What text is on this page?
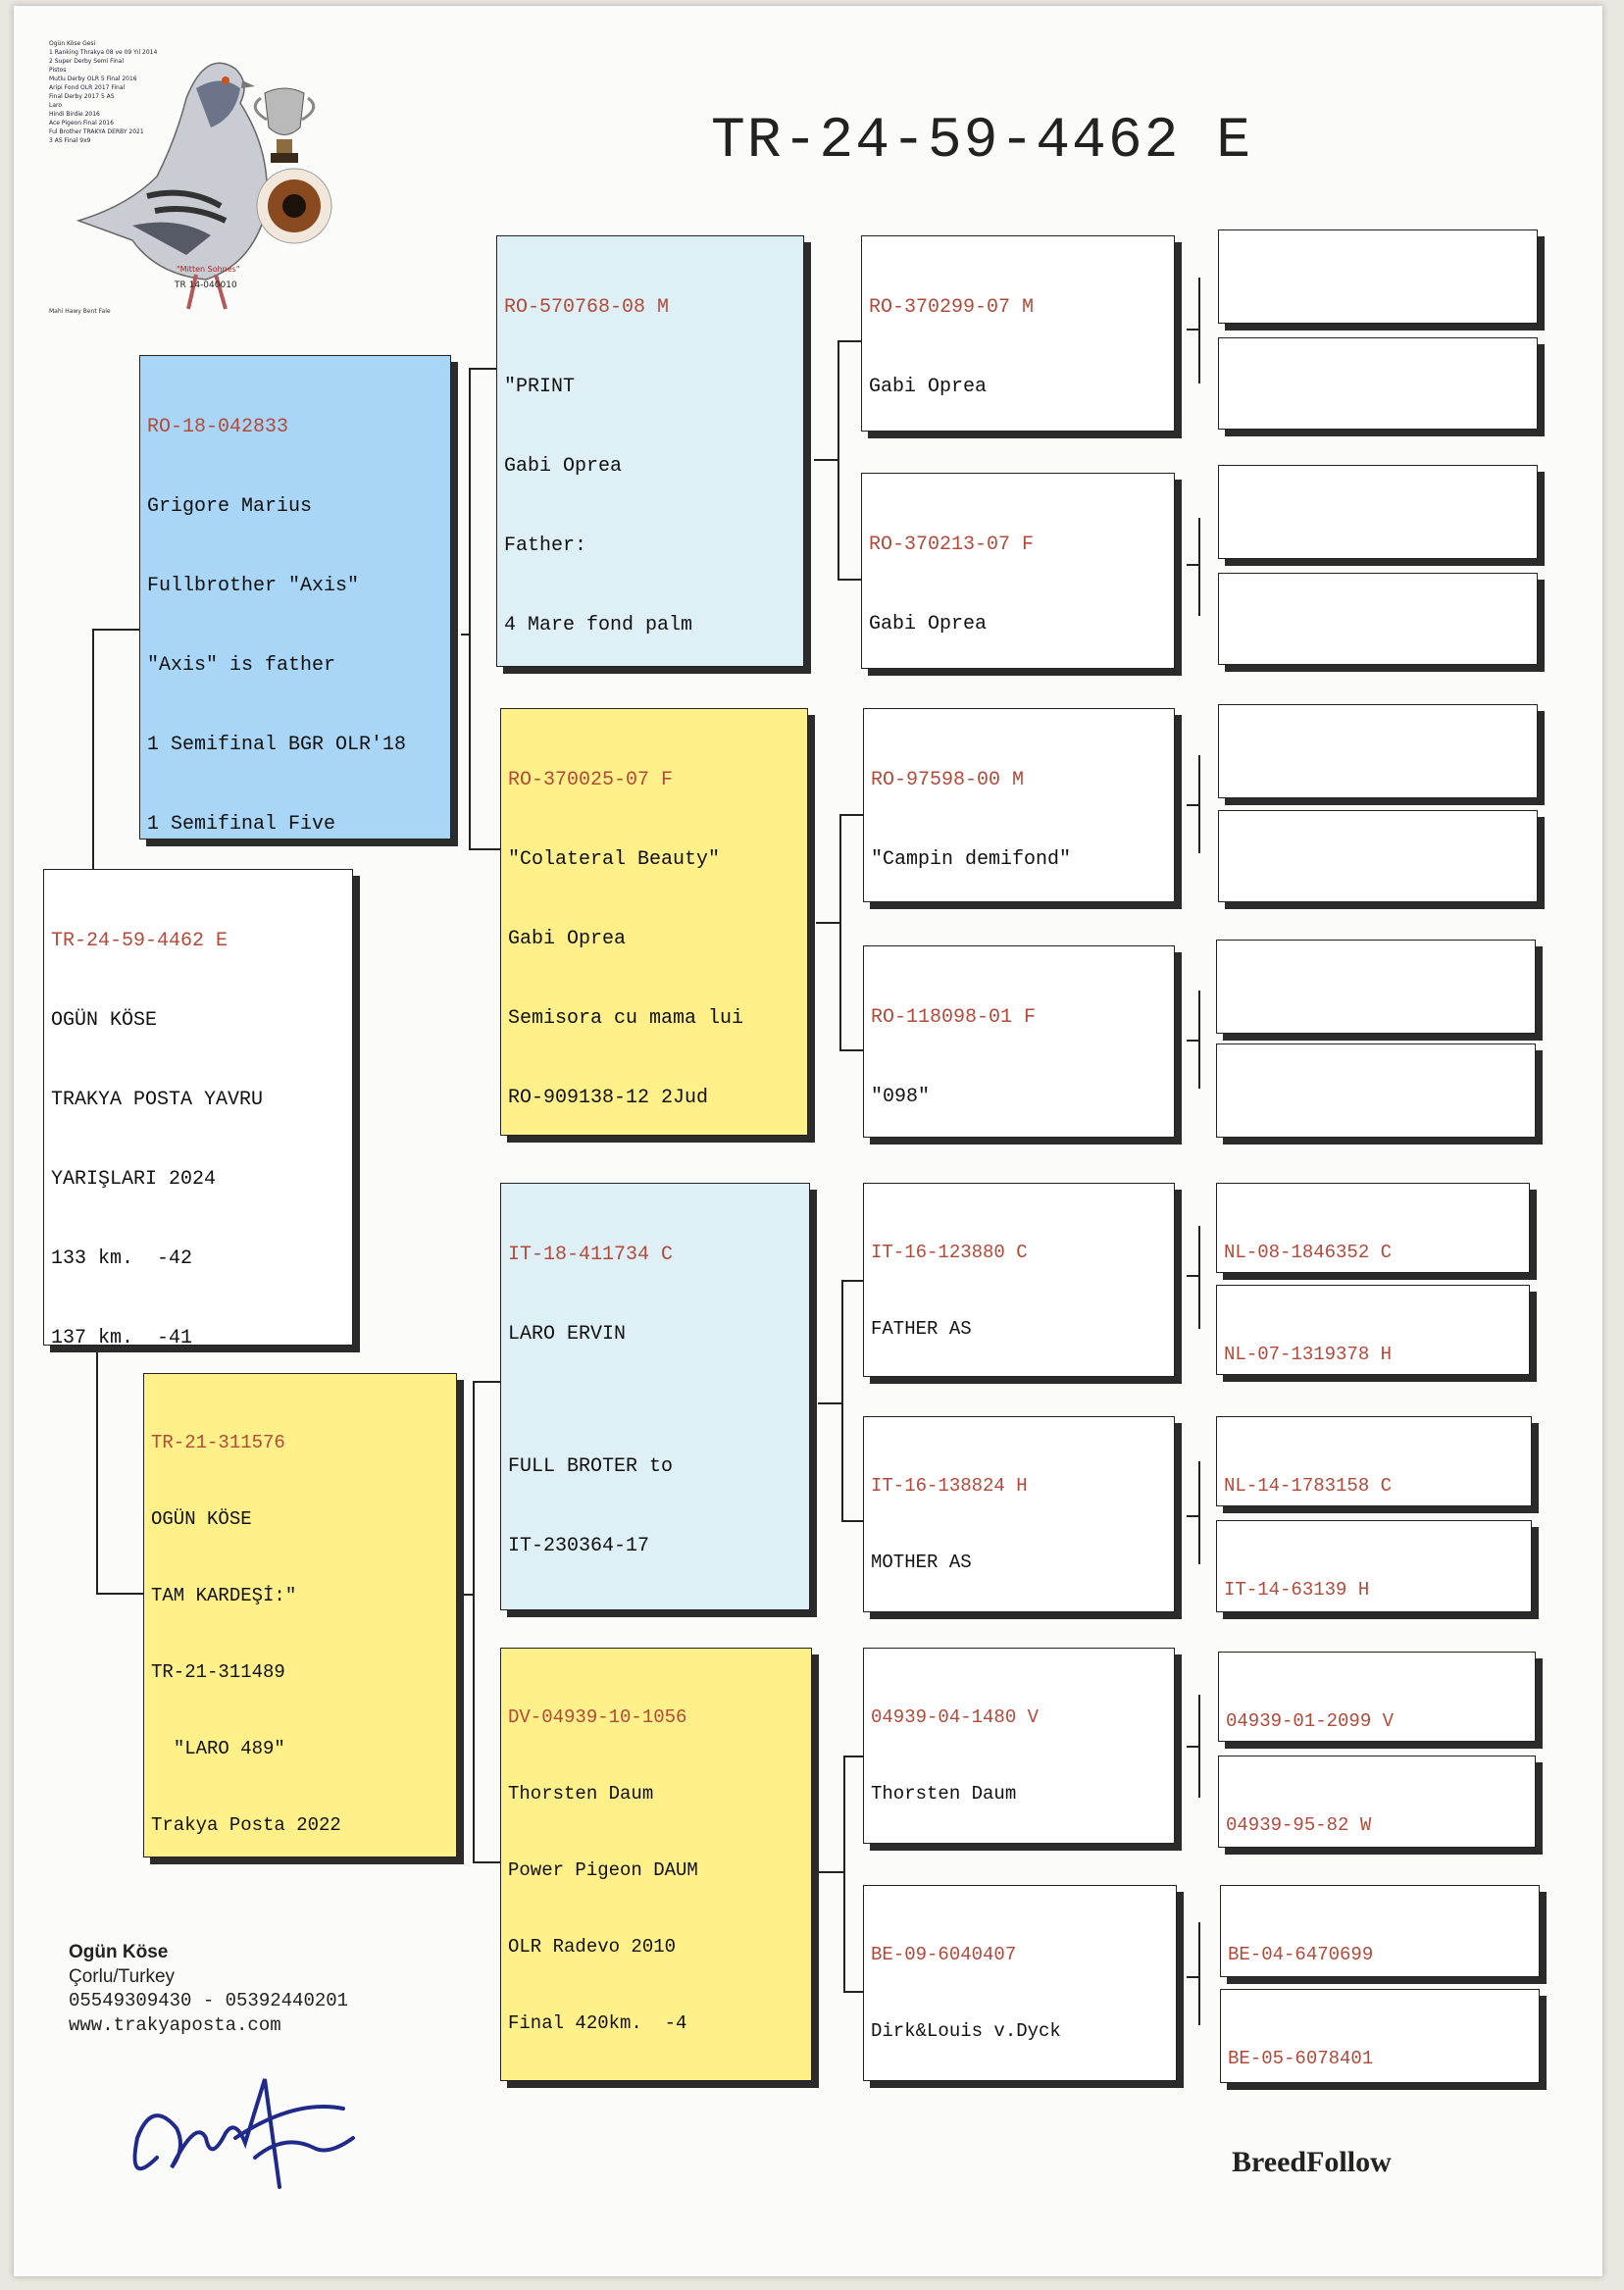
Ogün Köse Gesi
1 Ranking Thrakya 08 ve 09 Yıl 2014
2 Super Derby Semi Final
Pistos
Mutlu Derby OLR 5 Final 2016
Aripi Fond OLR 2017 Final
Final Derby 2017 5 AS
Laro
Hindi Birdie 2016
Ace Pigeon Final 2016
Ful Brother TRAKYA DERBY 2021
3 AS Final 9x9
"Mitten Sohnes"
TR 14-040010
Mahi Hawy Bent Fale
TR-24-59-4462 E

TR-24-59-4462 E

OGÜN KÖSE

TRAKYA POSTA YAVRU

YARIŞLARI 2024

133 km.  -42

137 km.  -41

RO-18-042833

Grigore Marius

Fullbrother "Axis"

"Axis" is father

1 Semifinal BGR OLR'18

1 Semifinal Five

TR-21-311576

OGÜN KÖSE

TAM KARDEŞİ:"

TR-21-311489

"LARO 489"

Trakya Posta 2022

RO-570768-08 M

"PRINT

Gabi Oprea

Father:

4 Mare fond palm

RO-370025-07 F

"Colateral Beauty"

Gabi Oprea

Semisora cu mama lui

RO-909138-12 2Jud

IT-18-411734 C

LARO ERVIN

FULL BROTER to

IT-230364-17

DV-04939-10-1056

Thorsten Daum

Power Pigeon DAUM

OLR Radevo 2010

Final 420km.  -4

RO-370299-07 M

Gabi Oprea

RO-370213-07 F

Gabi Oprea

RO-97598-00 M

"Campin demifond"

RO-118098-01 F

"098"

IT-16-123880 C

FATHER AS

IT-16-138824 H

MOTHER AS

04939-04-1480 V

Thorsten Daum

BE-09-6040407

Dirk&Louis v.Dyck

NL-08-1846352 C

NL-07-1319378 H

NL-14-1783158 C

IT-14-63139 H

04939-01-2099 V

04939-95-82 W

BE-04-6470699

BE-05-6078401

Ogün Köse
Çorlu/Turkey
05549309430 - 05392440201
www.trakyaposta.com
BreedFollow
